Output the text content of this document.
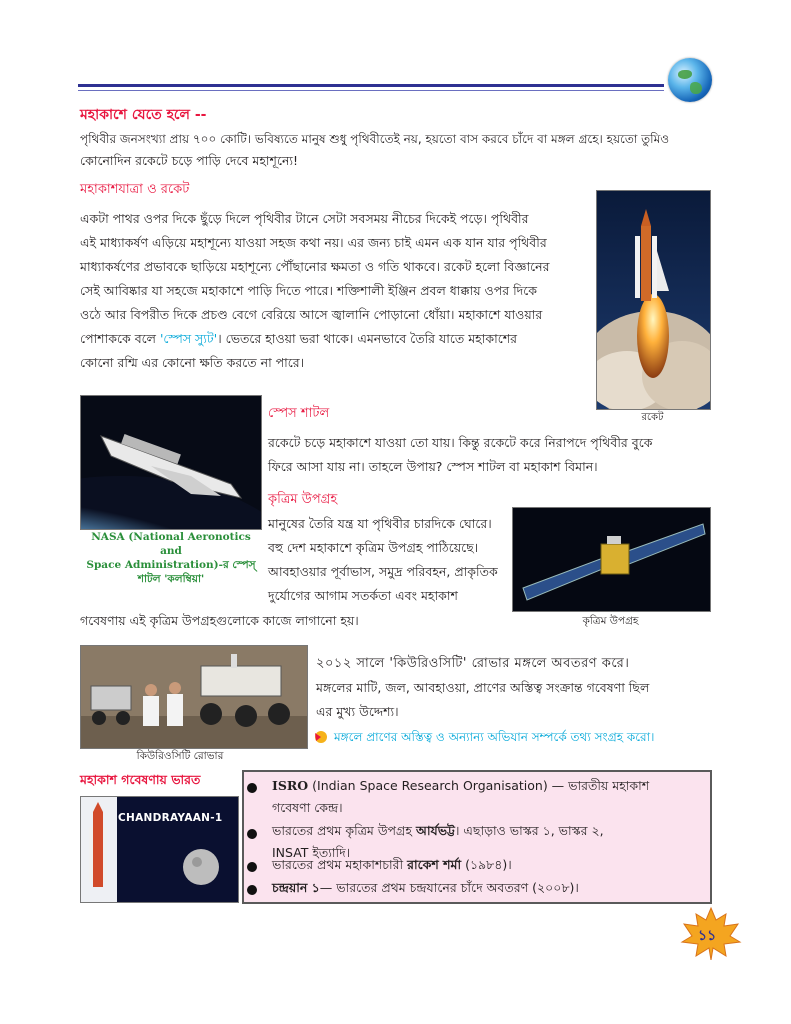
মহাকাশে যেতে হলে --
পৃথিবীর জনসংখ্যা প্রায় ৭০০ কোটি। ভবিষ্যতে মানুষ শুধু পৃথিবীতেই নয়, হয়তো বাস করবে চাঁদে বা মঙ্গল গ্রহে। হয়তো তুমিও
কোনোদিন রকেটে চড়ে পাড়ি দেবে মহাশূন্যে!
মহাকাশযাত্রা ও রকেট
একটা পাথর ওপর দিকে ছুঁড়ে দিলে পৃথিবীর টানে সেটা সবসময় নীচের দিকেই পড়ে। পৃথিবীর
এই মাধ্যাকর্ষণ এড়িয়ে মহাশূন্যে যাওয়া সহজ কথা নয়। এর জন্য চাই এমন এক যান যার পৃথিবীর
মাধ্যাকর্ষণের প্রভাবকে ছাড়িয়ে মহাশূন্যে পৌঁছানোর ক্ষমতা ও গতি থাকবে। রকেট হলো বিজ্ঞানের
সেই আবিষ্কার যা সহজে মহাকাশে পাড়ি দিতে পারে। শক্তিশালী ইঞ্জিন প্রবল ধাক্কায় ওপর দিকে
ওঠে আর বিপরীত দিকে প্রচণ্ড বেগে বেরিয়ে আসে জ্বালানি পোড়ানো ধোঁয়া। মহাকাশে যাওয়ার
পোশাককে বলে 'স্পেস স্যুট'। ভেতরে হাওয়া ভরা থাকে। এমনভাবে তৈরি যাতে মহাকাশের
কোনো রশ্মি এর কোনো ক্ষতি করতে না পারে।
রকেট
NASA (National Aeronotics and
Space Administration)-র স্পেস্
শাটল 'কলম্বিয়া'
স্পেস শাটল
রকেটে চড়ে মহাকাশে যাওয়া তো যায়। কিন্তু রকেটে করে নিরাপদে পৃথিবীর বুকে
ফিরে আসা যায় না। তাহলে উপায়? স্পেস শাটল বা মহাকাশ বিমান।
কৃত্রিম উপগ্রহ
মানুষের তৈরি যন্ত্র যা পৃথিবীর চারদিকে ঘোরে।
বহু দেশ মহাকাশে কৃত্রিম উপগ্রহ পাঠিয়েছে।
আবহাওয়ার পূর্বাভাস, সমুদ্র পরিবহন, প্রাকৃতিক
দুর্যোগের আগাম সতর্কতা এবং মহাকাশ
গবেষণায় এই কৃত্রিম উপগ্রহগুলোকে কাজে লাগানো হয়।	কৃত্রিম উপগ্রহ
কিউরিওসিটি রোভার
২০১২ সালে 'কিউরিওসিটি' রোভার মঙ্গলে অবতরণ করে।
মঙ্গলের মাটি, জল, আবহাওয়া, প্রাণের অস্তিত্ব সংক্রান্ত গবেষণা ছিল
এর মুখ্য উদ্দেশ্য।
মঙ্গলে প্রাণের অস্তিত্ব ও অন্যান্য অভিযান সম্পর্কে তথ্য সংগ্রহ করো।
মহাকাশ গবেষণায় ভারত
CHANDRAYAAN-1
ISRO (Indian Space Research Organisation) — ভারতীয় মহাকাশ
গবেষণা কেন্দ্র।
ভারতের প্রথম কৃত্রিম উপগ্রহ আর্যভট্ট। এছাড়াও ভাস্কর ১, ভাস্কর ২,
INSAT ইত্যাদি।
ভারতের প্রথম মহাকাশচারী রাকেশ শর্মা (১৯৮৪)।
চন্দ্রয়ান ১— ভারতের প্রথম চন্দ্রযানের চাঁদে অবতরণ (২০০৮)।
১১
